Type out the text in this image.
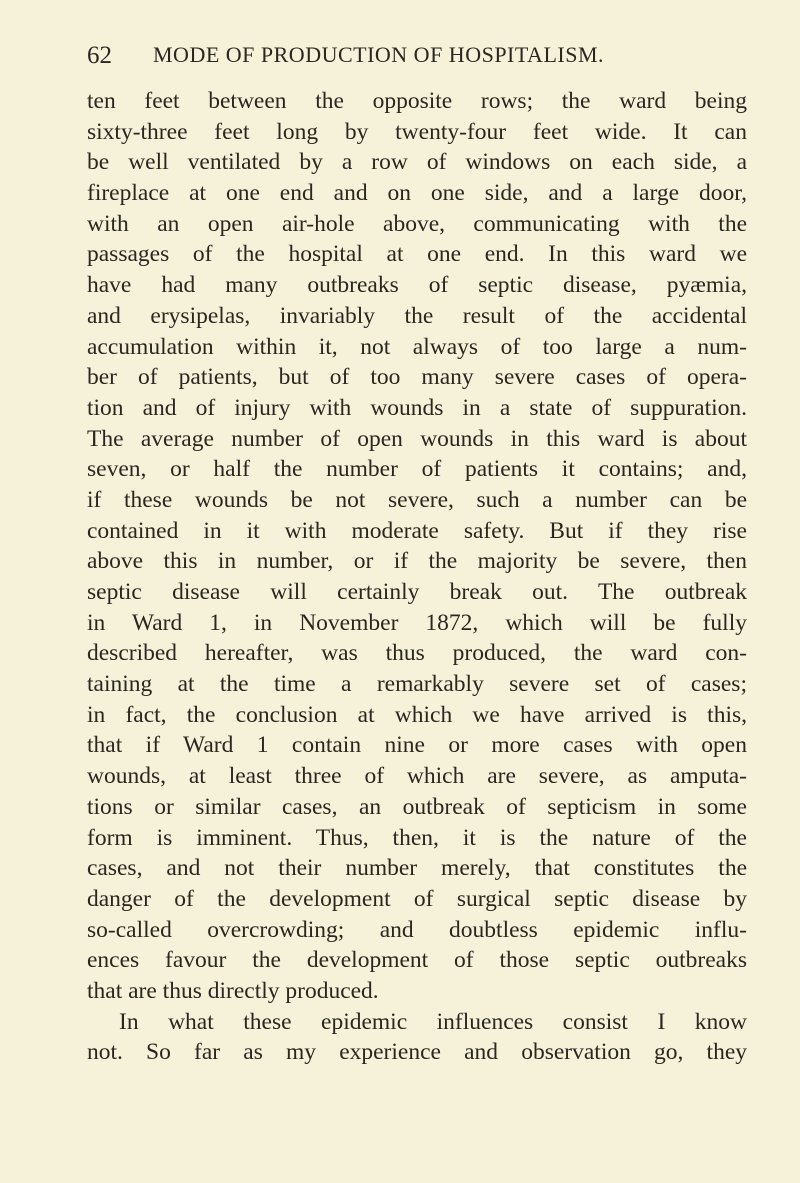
62	MODE OF PRODUCTION OF HOSPITALISM.
ten feet between the opposite rows; the ward being
sixty-three feet long by twenty-four feet wide. It can
be well ventilated by a row of windows on each side, a
fireplace at one end and on one side, and a large door,
with an open air-hole above, communicating with the
passages of the hospital at one end. In this ward we
have had many outbreaks of septic disease, pyæmia,
and erysipelas, invariably the result of the accidental
accumulation within it, not always of too large a num-
ber of patients, but of too many severe cases of opera-
tion and of injury with wounds in a state of suppuration.
The average number of open wounds in this ward is about
seven, or half the number of patients it contains; and,
if these wounds be not severe, such a number can be
contained in it with moderate safety. But if they rise
above this in number, or if the majority be severe, then
septic disease will certainly break out. The outbreak
in Ward 1, in November 1872, which will be fully
described hereafter, was thus produced, the ward con-
taining at the time a remarkably severe set of cases;
in fact, the conclusion at which we have arrived is this,
that if Ward 1 contain nine or more cases with open
wounds, at least three of which are severe, as amputa-
tions or similar cases, an outbreak of septicism in some
form is imminent. Thus, then, it is the nature of the
cases, and not their number merely, that constitutes the
danger of the development of surgical septic disease by
so-called overcrowding; and doubtless epidemic influ-
ences favour the development of those septic outbreaks
that are thus directly produced.
In what these epidemic influences consist I know
not. So far as my experience and observation go, they
